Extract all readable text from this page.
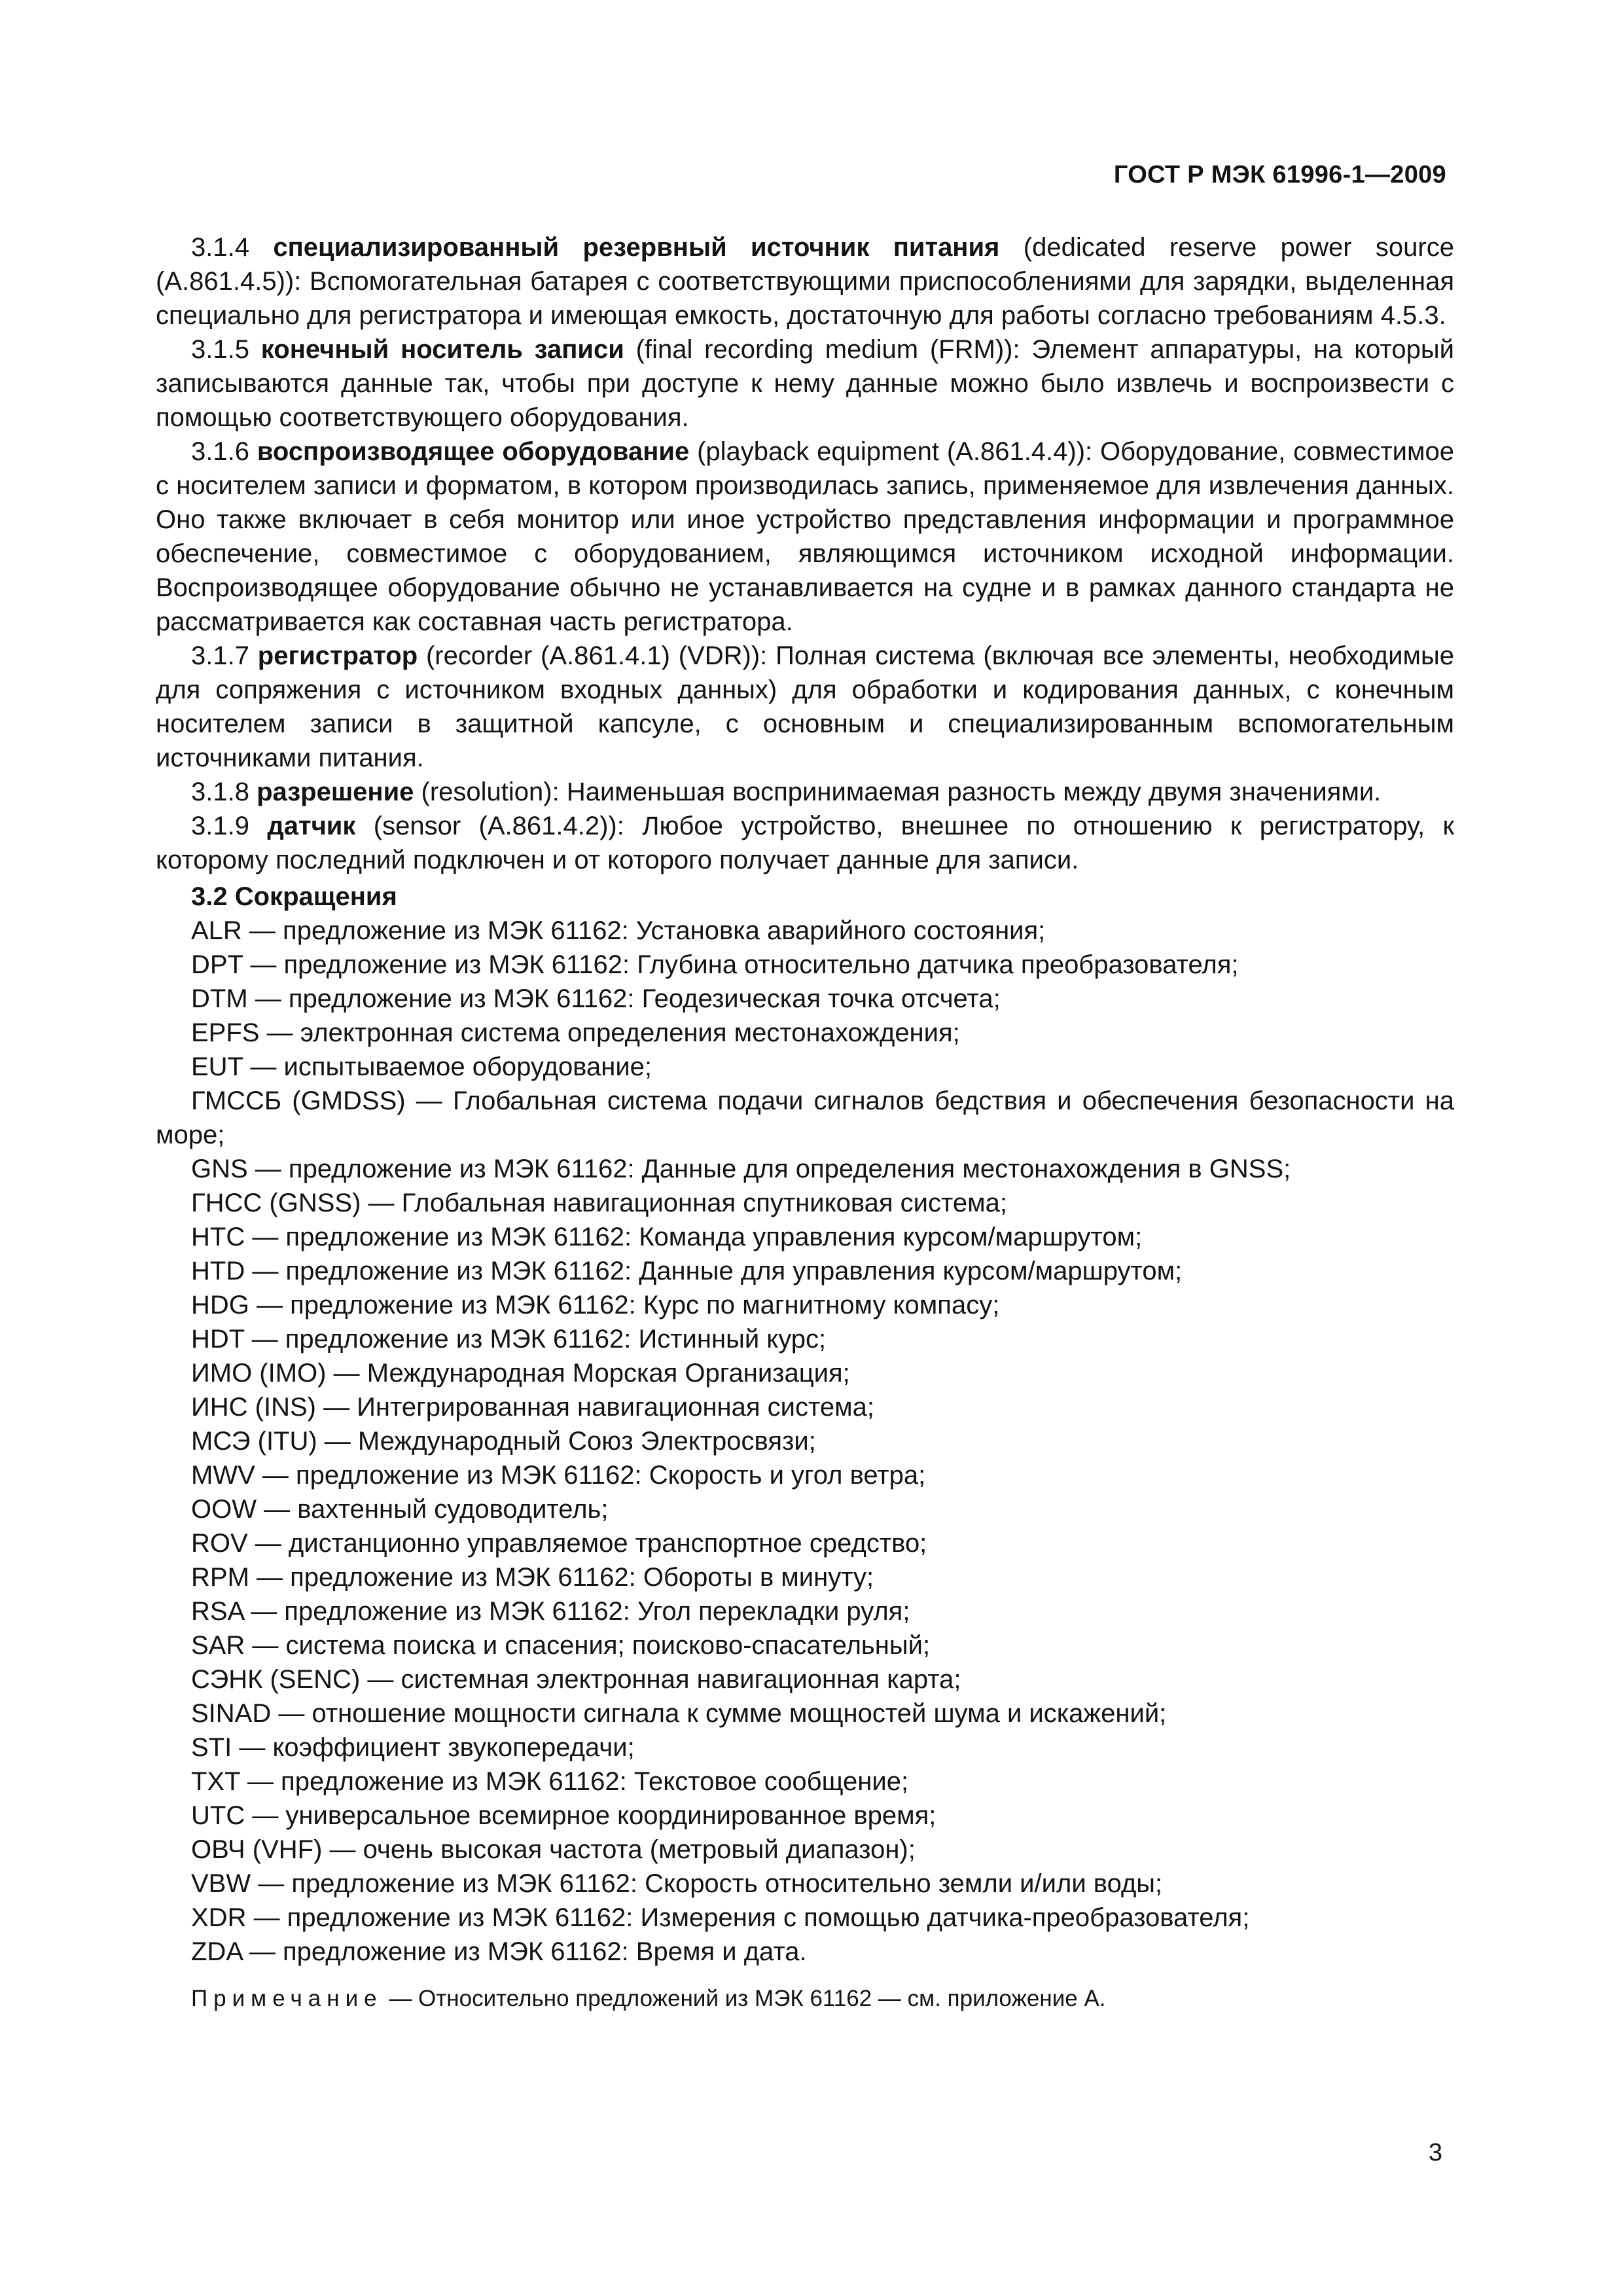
ГОСТ Р МЭК 61996-1—2009

3.1.4 специализированный резервный источник питания (dedicated reserve power source (A.861.4.5)): Вспомогательная батарея с соответствующими приспособлениями для зарядки, выделенная специально для регистратора и имеющая емкость, достаточную для работы согласно требованиям 4.5.3.

3.1.5 конечный носитель записи (final recording medium (FRM)): Элемент аппаратуры, на который записываются данные так, чтобы при доступе к нему данные можно было извлечь и воспроизвести с помощью соответствующего оборудования.

3.1.6 воспроизводящее оборудование (playback equipment (A.861.4.4)): Оборудование, совместимое с носителем записи и форматом, в котором производилась запись, применяемое для извлечения данных. Оно также включает в себя монитор или иное устройство представления информации и программное обеспечение, совместимое с оборудованием, являющимся источником исходной информации. Воспроизводящее оборудование обычно не устанавливается на судне и в рамках данного стандарта не рассматривается как составная часть регистратора.

3.1.7 регистратор (recorder (A.861.4.1) (VDR)): Полная система (включая все элементы, необходимые для сопряжения с источником входных данных) для обработки и кодирования данных, с конечным носителем записи в защитной капсуле, с основным и специализированным вспомогательным источниками питания.

3.1.8 разрешение (resolution): Наименьшая воспринимаемая разность между двумя значениями.

3.1.9 датчик (sensor (A.861.4.2)): Любое устройство, внешнее по отношению к регистратору, к которому последний подключен и от которого получает данные для записи.

3.2 Сокращения

ALR — предложение из МЭК 61162: Установка аварийного состояния;

DPT — предложение из МЭК 61162: Глубина относительно датчика преобразователя;

DTM — предложение из МЭК 61162: Геодезическая точка отсчета;

EPFS — электронная система определения местонахождения;

EUT — испытываемое оборудование;

ГМССБ (GMDSS) — Глобальная система подачи сигналов бедствия и обеспечения безопасности на море;

GNS — предложение из МЭК 61162: Данные для определения местонахождения в GNSS;

ГНСС (GNSS) — Глобальная навигационная спутниковая система;

HTC — предложение из МЭК 61162: Команда управления курсом/маршрутом;

HTD — предложение из МЭК 61162: Данные для управления курсом/маршрутом;

HDG — предложение из МЭК 61162: Курс по магнитному компасу;

HDT — предложение из МЭК 61162: Истинный курс;

ИМО (IMO) — Международная Морская Организация;

ИНС (INS) — Интегрированная навигационная система;

МСЭ (ITU) — Международный Союз Электросвязи;

MWV — предложение из МЭК 61162: Скорость и угол ветра;

OOW — вахтенный судоводитель;

ROV — дистанционно управляемое транспортное средство;

RPM — предложение из МЭК 61162: Обороты в минуту;

RSA — предложение из МЭК 61162: Угол перекладки руля;

SAR — система поиска и спасения; поисково-спасательный;

СЭНК (SENC) — системная электронная навигационная карта;

SINAD — отношение мощности сигнала к сумме мощностей шума и искажений;

STI — коэффициент звукопередачи;

TXT — предложение из МЭК 61162: Текстовое сообщение;

UTC — универсальное всемирное координированное время;

ОВЧ (VHF) — очень высокая частота (метровый диапазон);

VBW — предложение из МЭК 61162: Скорость относительно земли и/или воды;

XDR — предложение из МЭК 61162: Измерения с помощью датчика-преобразователя;

ZDA — предложение из МЭК 61162: Время и дата.

Примечание — Относительно предложений из МЭК 61162 — см. приложение А.

3
